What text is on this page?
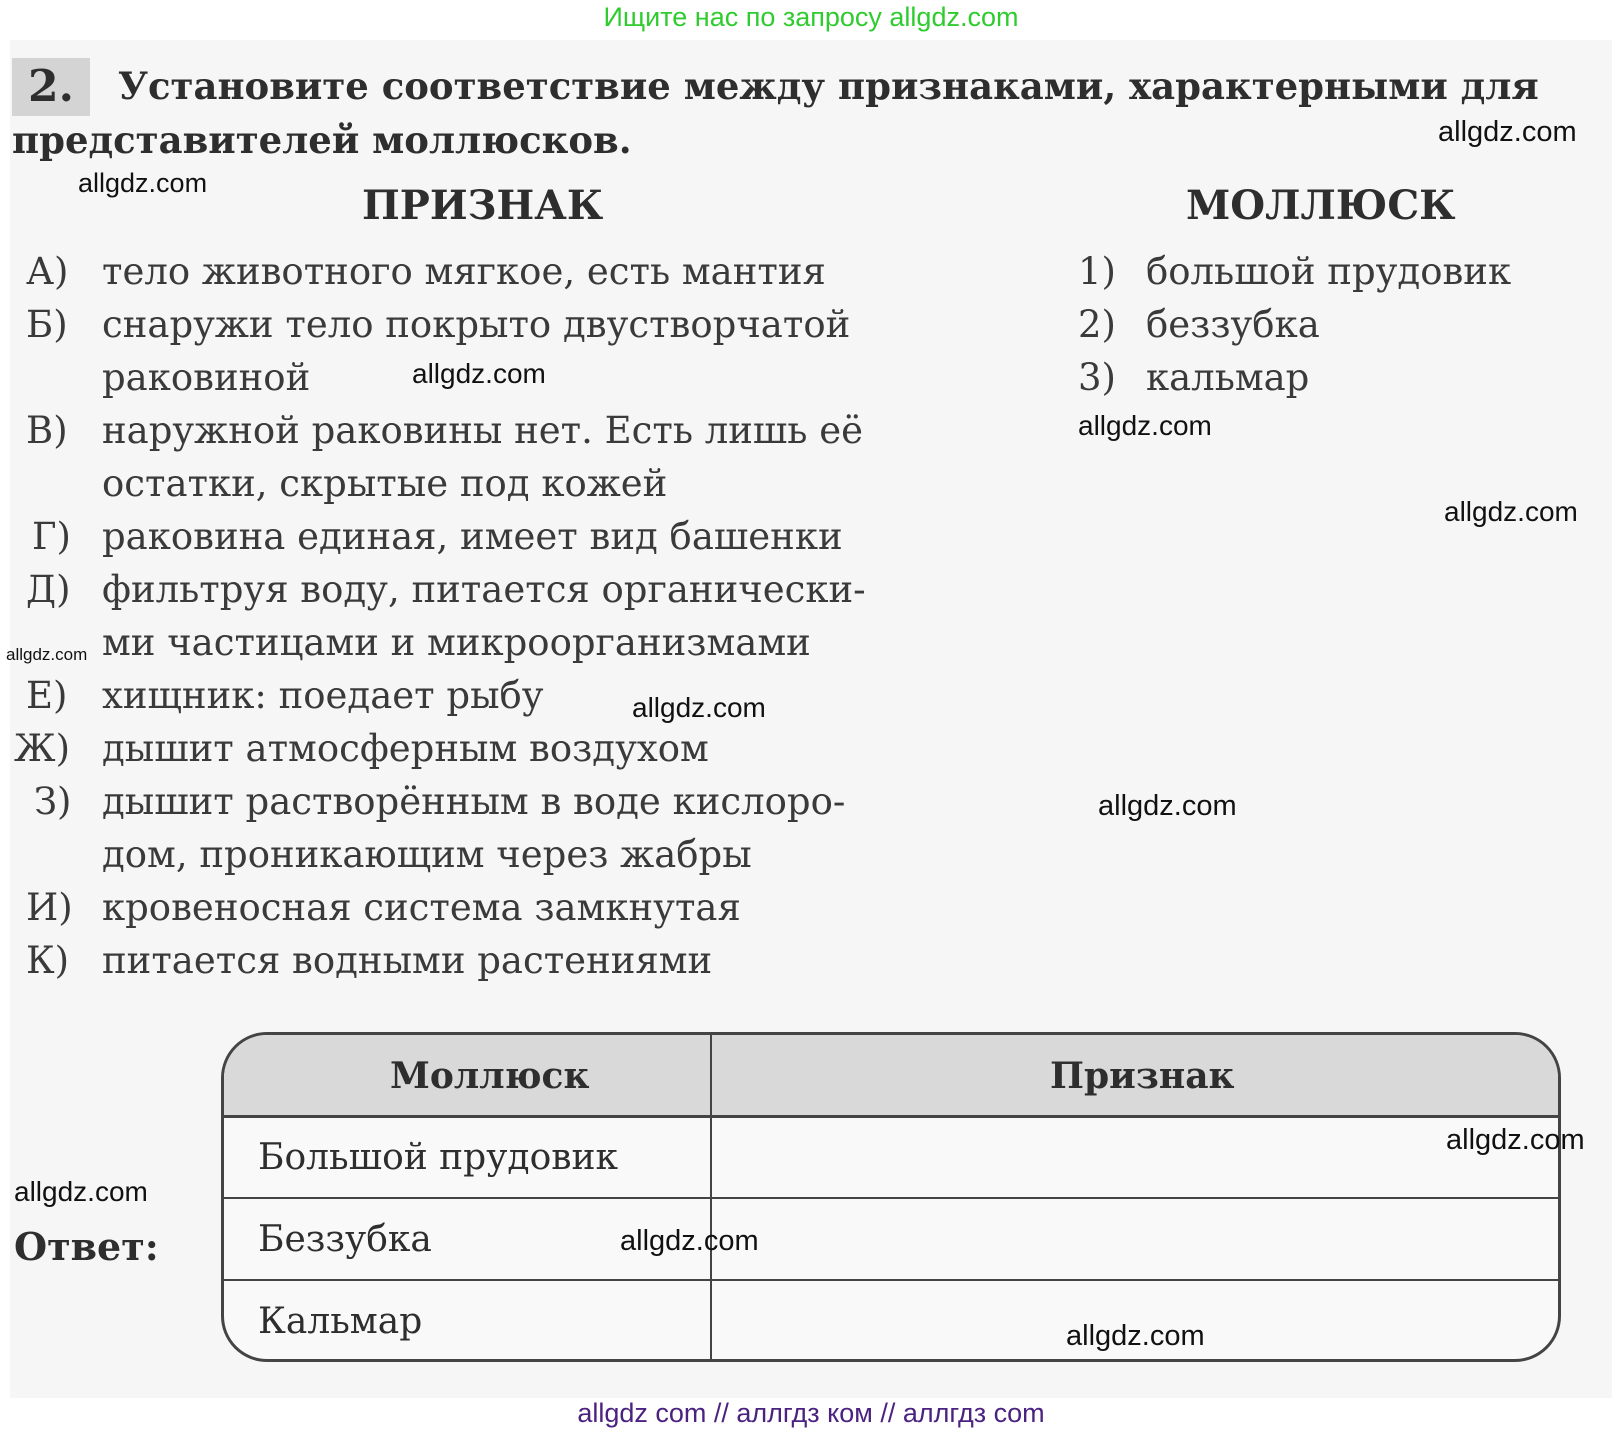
Ищите нас по запросу allgdz.com
2.	Установите соответствие между признаками, характерными для
представителей моллюсков.
ПРИЗНАК	МОЛЛЮСК
А) тело животного мягкое, есть мантия
Б) снаружи тело покрыто двустворчатой
раковиной
В) наружной раковины нет. Есть лишь её
остатки, скрытые под кожей
Г) раковина единая, имеет вид башенки
Д) фильтруя воду, питается органически-
ми частицами и микроорганизмами
Е) хищник: поедает рыбу
Ж) дышит атмосферным воздухом
З) дышит растворённым в воде кислоро-
дом, проникающим через жабры
И) кровеносная система замкнутая
К) питается водными растениями
1) большой прудовик
2) беззубка
3) кальмар
Ответ:
Моллюск	Признак
Большой прудовик
Беззубка
Кальмар
allgdz.com
allgdz.com
allgdz.com
allgdz.com
allgdz.com
allgdz.com
allgdz.com
allgdz.com
allgdz.com
allgdz.com
allgdz.com
allgdz.com
allgdz com // аллгдз ком // аллгдз com
